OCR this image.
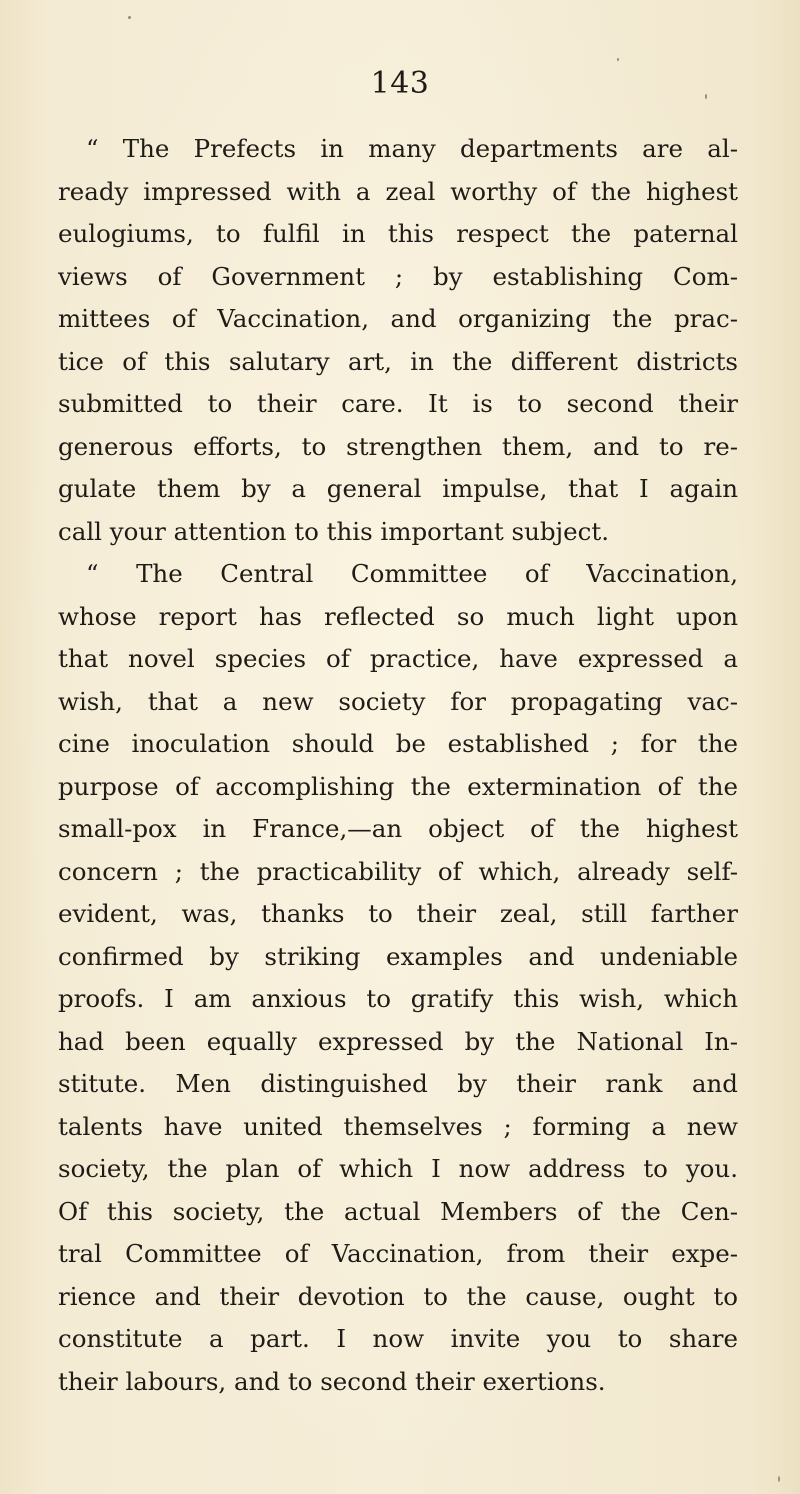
143
“ The Prefects in many departments are al-
ready impressed with a zeal worthy of the highest
eulogiums, to fulfil in this respect the paternal
views of Government ; by establishing Com-
mittees of Vaccination, and organizing the prac-
tice of this salutary art, in the different districts
submitted to their care. It is to second their
generous efforts, to strengthen them, and to re-
gulate them by a general impulse, that I again
call your attention to this important subject.
“ The Central Committee of Vaccination,
whose report has reflected so much light upon
that novel species of practice, have expressed a
wish, that a new society for propagating vac-
cine inoculation should be established ; for the
purpose of accomplishing the extermination of the
small-pox in France,—an object of the highest
concern ; the practicability of which, already self-
evident, was, thanks to their zeal, still farther
confirmed by striking examples and undeniable
proofs. I am anxious to gratify this wish, which
had been equally expressed by the National In-
stitute. Men distinguished by their rank and
talents have united themselves ; forming a new
society, the plan of which I now address to you.
Of this society, the actual Members of the Cen-
tral Committee of Vaccination, from their expe-
rience and their devotion to the cause, ought to
constitute a part. I now invite you to share
their labours, and to second their exertions.
